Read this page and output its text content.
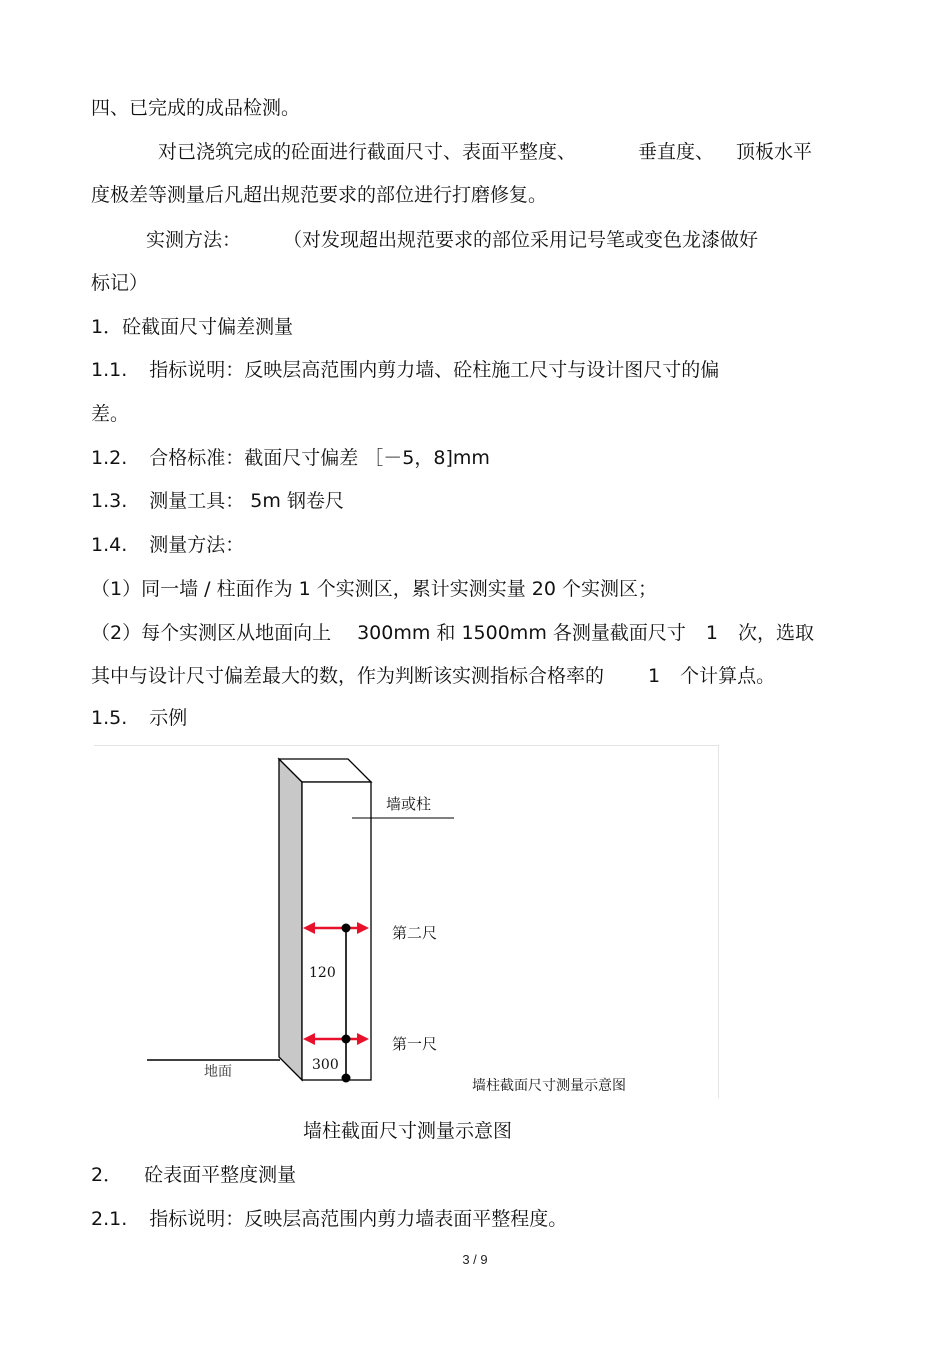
四、已完成的成品检测。
对已浇筑完成的砼面进行截面尺寸、表面平整度、	垂直度、 顶板水平
度极差等测量后凡超出规范要求的部位进行打磨修复。
实测方法： （对发现超出规范要求的部位采用记号笔或变色龙漆做好
标记）
1．砼截面尺寸偏差测量
1.1. 指标说明：反映层高范围内剪力墙、砼柱施工尺寸与设计图尺寸的偏
差。
1.2. 合格标准：截面尺寸偏差 ［－5，8]mm
1.3. 测量工具： 5m 钢卷尺
1.4. 测量方法：
（1）同一墙 / 柱面作为 1 个实测区，累计实测实量 20 个实测区；
（2）每个实测区从地面向上 300mm 和 1500mm 各测量截面尺寸 1 次，选取
其中与设计尺寸偏差最大的数，作为判断该实测指标合格率的 1 个计算点。
1.5. 示例
墙或柱
第二尺
第一尺
120
300
地面
墙柱截面尺寸测量示意图
墙柱截面尺寸测量示意图
2． 砼表面平整度测量
2.1. 指标说明：反映层高范围内剪力墙表面平整程度。
3 / 9
